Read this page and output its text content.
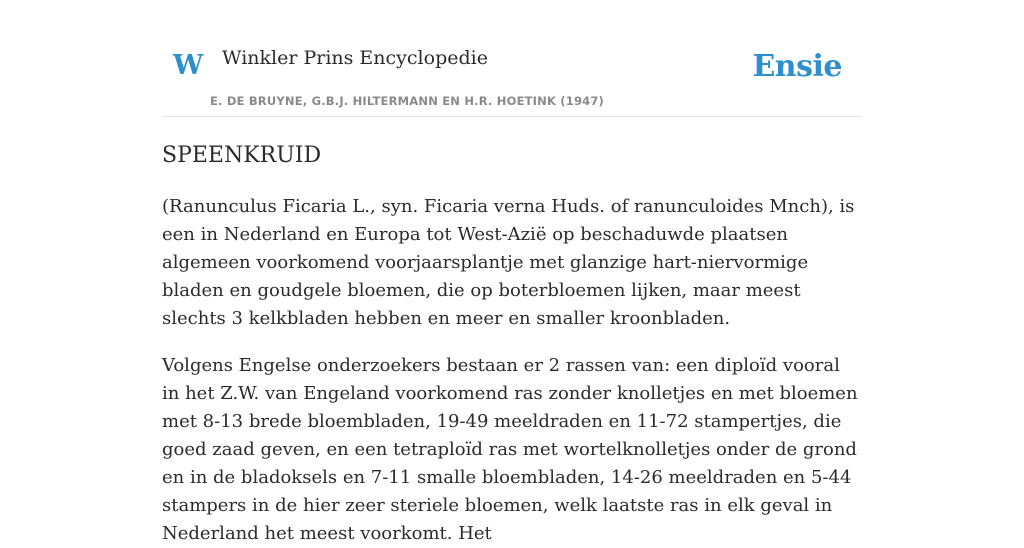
W Winkler Prins Encyclopedie
E. DE BRUYNE, G.B.J. HILTERMANN EN H.R. HOETINK (1947)
Ensie
SPEENKRUID

(Ranunculus Ficaria L., syn. Ficaria verna Huds. of ranunculoides Mnch), is een in Nederland en Europa tot West-Azië op beschaduwde plaatsen algemeen voorkomend voorjaarsplantje met glanzige hart-niervormige bladen en goudgele bloemen, die op boterbloemen lijken, maar meest slechts 3 kelkbladen hebben en meer en smaller kroonbladen.

Volgens Engelse onderzoekers bestaan er 2 rassen van: een diploïd vooral in het Z.W. van Engeland voorkomend ras zonder knolletjes en met bloemen met 8-13 brede bloembladen, 19-49 meeldraden en 11-72 stampertjes, die goed zaad geven, en een tetraploïd ras met wortelknolletjes onder de grond en in de bladoksels en 7-11 smalle bloembladen, 14-26 meeldraden en 5-44 stampers in de hier zeer steriele bloemen, welk laatste ras in elk geval in Nederland het meest voorkomt. Het
